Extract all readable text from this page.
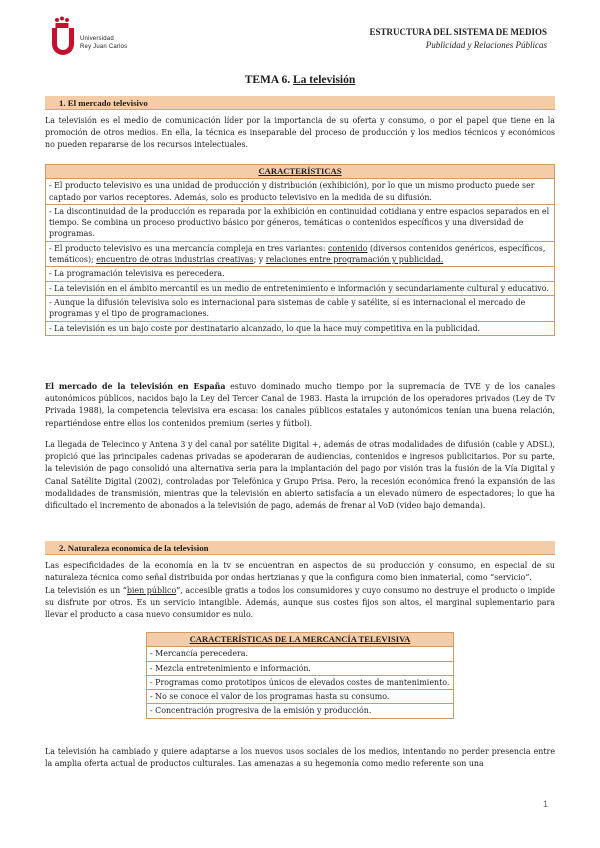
Universidad
Rey Juan Carlos
ESTRUCTURA DEL SISTEMA DE MEDIOS
Publicidad y Relaciones Públicas
TEMA 6. La televisión
1. El mercado televisivo
La televisión es el medio de comunicación líder por la importancia de su oferta y consumo, o por el papel que tiene en la promoción de otros medios. En ella, la técnica es inseparable del proceso de producción y los medios técnicos y económicos no pueden repararse de los recursos intelectuales.
CARACTERÍSTICAS
- El producto televisivo es una unidad de producción y distribución (exhibición), por lo que un mismo producto puede ser captado por varios receptores. Además, solo es producto televisivo en la medida de su difusión.
- La discontinuidad de la producción es reparada por la exhibición en continuidad cotidiana y entre espacios separados en el tiempo. Se combina un proceso productivo básico por géneros, temáticas o contenidos específicos y una diversidad de programas.
- El producto televisivo es una mercancía compleja en tres variantes: contenido (diversos contenidos genéricos, específicos, temáticos); encuentro de otras industrias creativas; y relaciones entre programación y publicidad.
- La programación televisiva es perecedera.
- La televisión en el ámbito mercantil es un medio de entretenimiento e información y secundariamente cultural y educativo.
- Aunque la difusión televisiva solo es internacional para sistemas de cable y satélite, sí es internacional el mercado de programas y el tipo de programaciones.
- La televisión es un bajo coste por destinatario alcanzado, lo que la hace muy competitiva en la publicidad.
El mercado de la televisión en España estuvo dominado mucho tiempo por la supremacía de TVE y de los canales autonómicos públicos, nacidos bajo la Ley del Tercer Canal de 1983. Hasta la irrupción de los operadores privados (Ley de Tv Privada 1988), la competencia televisiva era escasa: los canales públicos estatales y autonómicos tenían una buena relación, repartiéndose entre ellos los contenidos premium (series y fútbol).
La llegada de Telecinco y Antena 3 y del canal por satélite Digital +, además de otras modalidades de difusión (cable y ADSL), propició que las principales cadenas privadas se apoderaran de audiencias, contenidos e ingresos publicitarios. Por su parte, la televisión de pago consolidó una alternativa seria para la implantación del pago por visión tras la fusión de la Vía Digital y Canal Satélite Digital (2002), controladas por Telefónica y Grupo Prisa. Pero, la recesión económica frenó la expansión de las modalidades de transmisión, mientras que la televisión en abierto satisfacía a un elevado número de espectadores; lo que ha dificultado el incremento de abonados a la televisión de pago, además de frenar al VoD (video bajo demanda).
2. Naturaleza economica de la television
Las especificidades de la economía en la tv se encuentran en aspectos de su producción y consumo, en especial de su naturaleza técnica como señal distribuida por ondas hertzianas y que la configura como bien inmaterial, como “servicio”.
La televisión es un “bien público”, accesible gratis a todos los consumidores y cuyo consumo no destruye el producto o impide su disfrute por otros. Es un servicio intangible. Además, aunque sus costes fijos son altos, el marginal suplementario para llevar el producto a casa nuevo consumidor es nulo.
CARACTERÍSTICAS DE LA MERCANCÍA TELEVISIVA
- Mercancía perecedera.
- Mezcla entretenimiento e información.
- Programas como prototipos únicos de elevados costes de mantenimiento.
- No se conoce el valor de los programas hasta su consumo.
- Concentración progresiva de la emisión y producción.
La televisión ha cambiado y quiere adaptarse a los nuevos usos sociales de los medios, intentando no perder presencia entre la amplia oferta actual de productos culturales. Las amenazas a su hegemonía como medio referente son una
1
